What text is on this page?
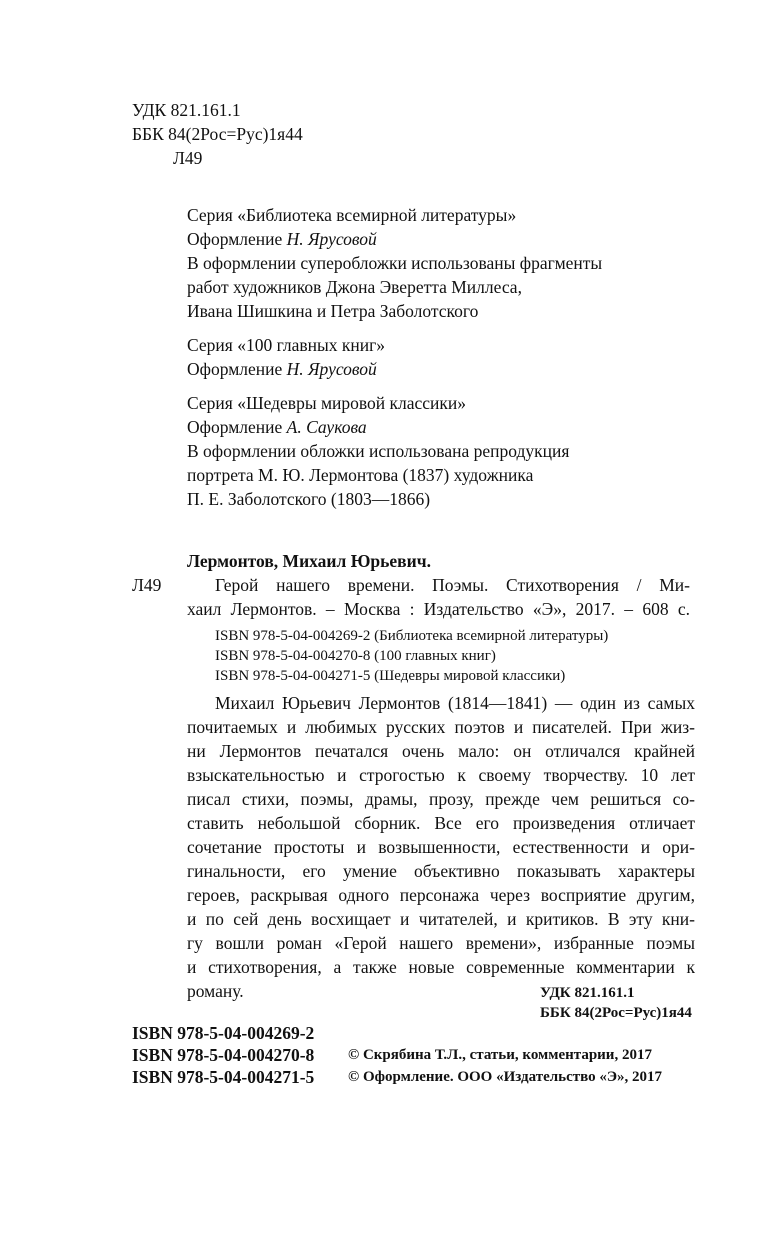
УДК 821.161.1
ББК 84(2Рос=Рус)1я44
Л49
Серия «Библиотека всемирной литературы»
Оформление Н. Ярусовой
В оформлении суперобложки использованы фрагменты
работ художников Джона Эверетта Миллеса,
Ивана Шишкина и Петра Заболотского
Серия «100 главных книг»
Оформление Н. Ярусовой
Серия «Шедевры мировой классики»
Оформление А. Саукова
В оформлении обложки использована репродукция
портрета М. Ю. Лермонтова (1837) художника
П. Е. Заболотского (1803—1866)
Лермонтов, Михаил Юрьевич.
Л49	Герой нашего времени. Поэмы. Стихотворения / Ми-
хаил Лермонтов. – Москва : Издательство «Э», 2017. – 608 с.
ISBN 978-5-04-004269-2 (Библиотека всемирной литературы)
ISBN 978-5-04-004270-8 (100 главных книг)
ISBN 978-5-04-004271-5 (Шедевры мировой классики)
Михаил Юрьевич Лермонтов (1814—1841) — один из самых
почитаемых и любимых русских поэтов и писателей. При жиз-
ни Лермонтов печатался очень мало: он отличался крайней
взыскательностью и строгостью к своему творчеству. 10 лет
писал стихи, поэмы, драмы, прозу, прежде чем решиться со-
ставить небольшой сборник. Все его произведения отличает
сочетание простоты и возвышенности, естественности и ори-
гинальности, его умение объективно показывать характеры
героев, раскрывая одного персонажа через восприятие другим,
и по сей день восхищает и читателей, и критиков. В эту кни-
гу вошли роман «Герой нашего времени», избранные поэмы
и стихотворения, а также новые современные комментарии к
роману.	УДК 821.161.1
ББК 84(2Рос=Рус)1я44
ISBN 978-5-04-004269-2
ISBN 978-5-04-004270-8
ISBN 978-5-04-004271-5
© Скрябина Т.Л., статьи, комментарии, 2017
© Оформление. ООО «Издательство «Э», 2017
